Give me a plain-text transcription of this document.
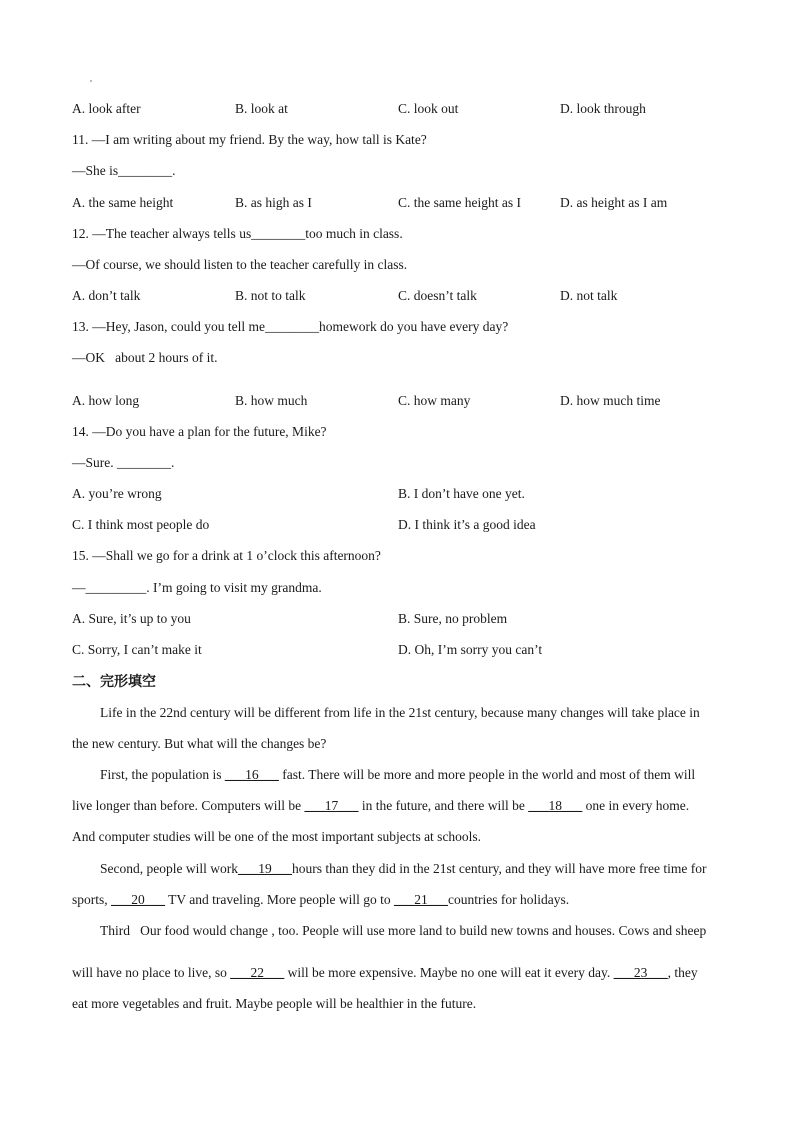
A. look after	B. look at	C. look out	D. look through
11. —I am writing about my friend. By the way, how tall is Kate?
—She is________.
A. the same height	B. as high as I	C. the same height as I	D. as height as I am
12. —The teacher always tells us________too much in class.
—Of course, we should listen to the teacher carefully in class.
A. don’t talk	B. not to talk	C. doesn’t talk	D. not talk
13. —Hey, Jason, could you tell me________homework do you have every day?
—OK   about 2 hours of it.
A. how long	B. how much	C. how many	D. how much time
14. —Do you have a plan for the future, Mike?
—Sure. ________.
A. you’re wrong	B. I don’t have one yet.
C. I think most people do	D. I think it’s a good idea
15. —Shall we go for a drink at 1 o’clock this afternoon?
—_________. I’m going to visit my grandma.
A. Sure, it’s up to you	B. Sure, no problem
C. Sorry, I can’t make it	D. Oh, I’m sorry you can’t
二、完形填空
Life in the 22nd century will be different from life in the 21st century, because many changes will take place in
the new century. But what will the changes be?
First, the population is ___16___ fast. There will be more and more people in the world and most of them will
live longer than before. Computers will be ___17___ in the future, and there will be ___18___ one in every home.
And computer studies will be one of the most important subjects at schools.
Second, people will work___19___hours than they did in the 21st century, and they will have more free time for
sports, ___20___ TV and traveling. More people will go to ___21___countries for holidays.
Third   Our food would change , too. People will use more land to build new towns and houses. Cows and sheep
will have no place to live, so ___22___ will be more expensive. Maybe no one will eat it every day. ___23___, they
eat more vegetables and fruit. Maybe people will be healthier in the future.
